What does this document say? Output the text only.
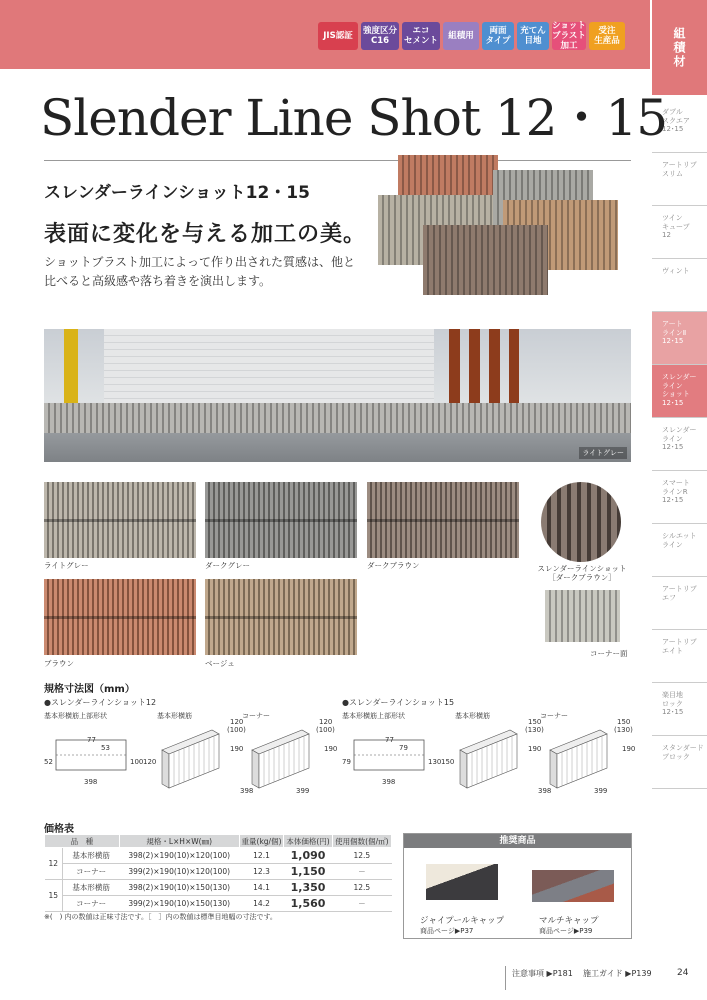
JIS認証	強度区分
C16
エコ
セメント	組積用	両面
タイプ
充てん
目地
ショット
ブラスト
加工
受注
生産品	組積材
ダブル
スクエア
12･15
アートリブ
スリム
ツイン
キューブ
12
ヴィント
アート
ラインⅡ
12･15
スレンダー
ライン
ショット
12･15
スレンダー
ライン
12･15
スマート
ラインR
12･15
シルエット
ライン
アートリブ
エフ
アートリブ
エイト
楽目地
ロック
12･15
スタンダード
ブロック
Slender Line Shot 12・15
スレンダーラインショット12・15
表面に変化を与える加工の美。
ショットブラスト加工によって作り出された質感は、他と比べると高級感や落ち着きを演出します。
ライトグレー
ライトグレー	ダークグレー	ダークブラウン
ブラウン	ベージュ
スレンダーラインショット
［ダークブラウン］
コーナー面
規格寸法図（mm）
●スレンダーラインショット12
基本形横筋上部形状	基本形横筋	コーナー
77
53
52	100 120
398
120
(100)
190
398
120
(100)
190
399
●スレンダーラインショット15
基本形横筋上部形状	基本形横筋	コーナー
77
79
79	130 150
398
150
(130)
190
398
150
(130)
190
399
価格表
品　種		規格・L×H×W(㎜)	重量(kg/個)	本体価格(円)	使用個数(個/㎡)
12	基本形横筋	398(2)×190(10)×120(100)	12.1	1,090	12.5
	コーナー	399(2)×190(10)×120(100)	12.3	1,150	－
15	基本形横筋	398(2)×190(10)×150(130)	14.1	1,350	12.5
	コーナー	399(2)×190(10)×150(130)	14.2	1,560	－
※(　) 内の数値は正味寸法です。［　］内の数値は標準目地幅の寸法です。
推奨商品
ジャイプールキャップ
商品ページ▶P37
マルチキャップ
商品ページ▶P39
注意事項 ▶P181 施工ガイド ▶P139	24
